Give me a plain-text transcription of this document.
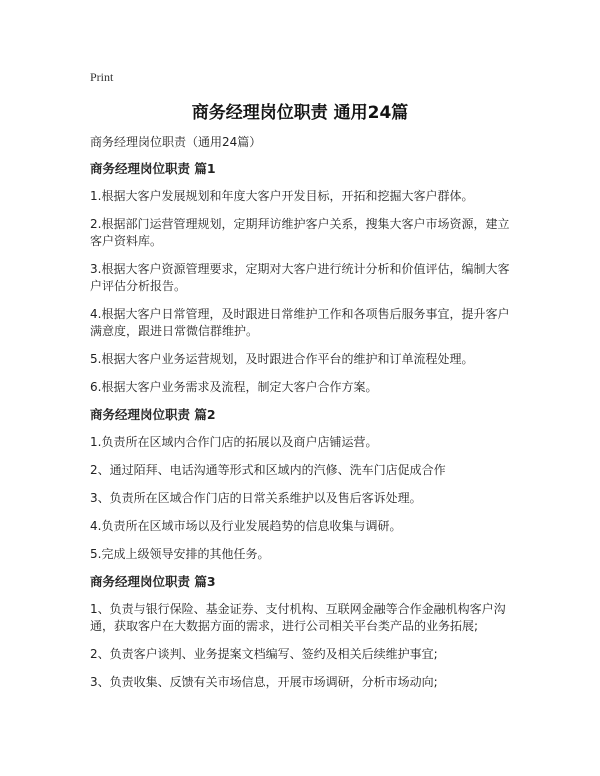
Print
商务经理岗位职责 通用24篇

商务经理岗位职责（通用24篇）

商务经理岗位职责 篇1

1.根据大客户发展规划和年度大客户开发目标，开拓和挖掘大客户群体。

2.根据部门运营管理规划，定期拜访维护客户关系，搜集大客户市场资源，建立客户资料库。

3.根据大客户资源管理要求，定期对大客户进行统计分析和价值评估，编制大客户评估分析报告。

4.根据大客户日常管理，及时跟进日常维护工作和各项售后服务事宜，提升客户满意度，跟进日常微信群维护。

5.根据大客户业务运营规划，及时跟进合作平台的维护和订单流程处理。

6.根据大客户业务需求及流程，制定大客户合作方案。

商务经理岗位职责 篇2

1.负责所在区域内合作门店的拓展以及商户店铺运营。

2、通过陌拜、电话沟通等形式和区域内的汽修、洗车门店促成合作

3、负责所在区域合作门店的日常关系维护以及售后客诉处理。

4.负责所在区域市场以及行业发展趋势的信息收集与调研。

5.完成上级领导安排的其他任务。

商务经理岗位职责 篇3

1、负责与银行保险、基金证券、支付机构、互联网金融等合作金融机构客户沟通，获取客户在大数据方面的需求，进行公司相关平台类产品的业务拓展;

2、负责客户谈判、业务提案文档编写、签约及相关后续维护事宜;

3、负责收集、反馈有关市场信息，开展市场调研，分析市场动向;
